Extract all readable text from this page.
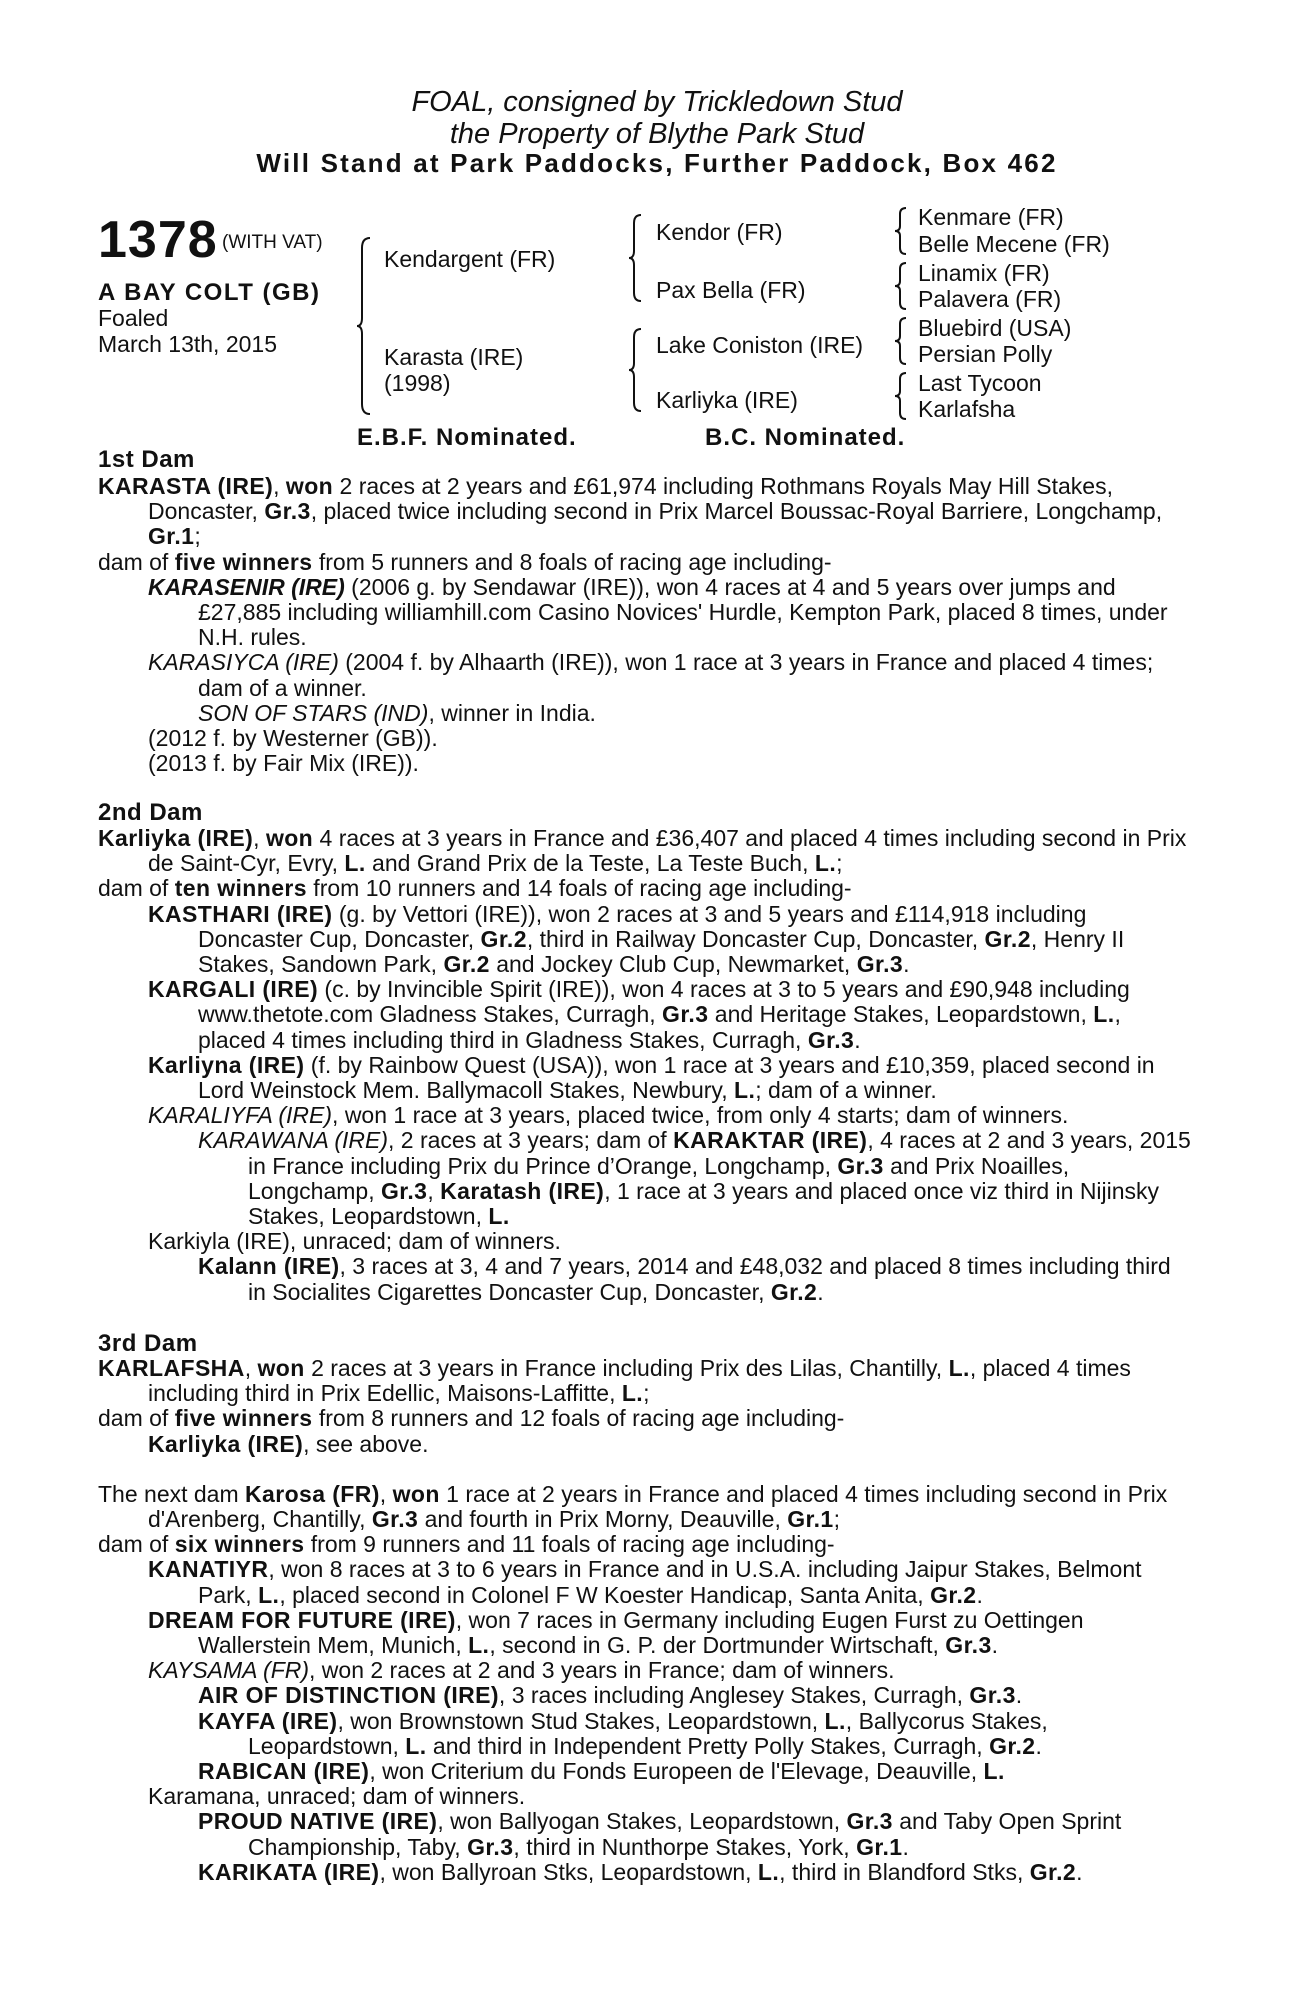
FOAL, consigned by Trickledown Stud
the Property of Blythe Park Stud
Will Stand at Park Paddocks, Further Paddock, Box 462
1378 (WITH VAT)
A BAY COLT (GB)
Foaled
March 13th, 2015
Kendargent (FR)
Karasta (IRE)
(1998)
Kendor (FR)
Pax Bella (FR)
Lake Coniston (IRE)
Karliyka (IRE)
Kenmare (FR)
Belle Mecene (FR)
Linamix (FR)
Palavera (FR)
Bluebird (USA)
Persian Polly
Last Tycoon
Karlafsha
E.B.F. Nominated.	B.C. Nominated.
1st Dam

KARASTA (IRE), won 2 races at 2 years and £61,974 including Rothmans Royals May Hill Stakes, Doncaster, Gr.3, placed twice including second in Prix Marcel Boussac-Royal Barriere, Longchamp, Gr.1;

dam of five winners from 5 runners and 8 foals of racing age including-

KARASENIR (IRE) (2006 g. by Sendawar (IRE)), won 4 races at 4 and 5 years over jumps and £27,885 including williamhill.com Casino Novices' Hurdle, Kempton Park, placed 8 times, under N.H. rules.

KARASIYCA (IRE) (2004 f. by Alhaarth (IRE)), won 1 race at 3 years in France and placed 4 times; dam of a winner.

SON OF STARS (IND), winner in India.

(2012 f. by Westerner (GB)).

(2013 f. by Fair Mix (IRE)).

2nd Dam

Karliyka (IRE), won 4 races at 3 years in France and £36,407 and placed 4 times including second in Prix de Saint-Cyr, Evry, L. and Grand Prix de la Teste, La Teste Buch, L.;

dam of ten winners from 10 runners and 14 foals of racing age including-

KASTHARI (IRE) (g. by Vettori (IRE)), won 2 races at 3 and 5 years and £114,918 including Doncaster Cup, Doncaster, Gr.2, third in Railway Doncaster Cup, Doncaster, Gr.2, Henry II Stakes, Sandown Park, Gr.2 and Jockey Club Cup, Newmarket, Gr.3.

KARGALI (IRE) (c. by Invincible Spirit (IRE)), won 4 races at 3 to 5 years and £90,948 including www.thetote.com Gladness Stakes, Curragh, Gr.3 and Heritage Stakes, Leopardstown, L., placed 4 times including third in Gladness Stakes, Curragh, Gr.3.

Karliyna (IRE) (f. by Rainbow Quest (USA)), won 1 race at 3 years and £10,359, placed second in Lord Weinstock Mem. Ballymacoll Stakes, Newbury, L.; dam of a winner.

KARALIYFA (IRE), won 1 race at 3 years, placed twice, from only 4 starts; dam of winners.

KARAWANA (IRE), 2 races at 3 years; dam of KARAKTAR (IRE), 4 races at 2 and 3 years, 2015 in France including Prix du Prince d’Orange, Longchamp, Gr.3 and Prix Noailles, Longchamp, Gr.3, Karatash (IRE), 1 race at 3 years and placed once viz third in Nijinsky Stakes, Leopardstown, L.

Karkiyla (IRE), unraced; dam of winners.

Kalann (IRE), 3 races at 3, 4 and 7 years, 2014 and £48,032 and placed 8 times including third in Socialites Cigarettes Doncaster Cup, Doncaster, Gr.2.

3rd Dam

KARLAFSHA, won 2 races at 3 years in France including Prix des Lilas, Chantilly, L., placed 4 times including third in Prix Edellic, Maisons-Laffitte, L.;

dam of five winners from 8 runners and 12 foals of racing age including-

Karliyka (IRE), see above.

The next dam Karosa (FR), won 1 race at 2 years in France and placed 4 times including second in Prix d'Arenberg, Chantilly, Gr.3 and fourth in Prix Morny, Deauville, Gr.1;

dam of six winners from 9 runners and 11 foals of racing age including-

KANATIYR, won 8 races at 3 to 6 years in France and in U.S.A. including Jaipur Stakes, Belmont Park, L., placed second in Colonel F W Koester Handicap, Santa Anita, Gr.2.

DREAM FOR FUTURE (IRE), won 7 races in Germany including Eugen Furst zu Oettingen Wallerstein Mem, Munich, L., second in G. P. der Dortmunder Wirtschaft, Gr.3.

KAYSAMA (FR), won 2 races at 2 and 3 years in France; dam of winners.

AIR OF DISTINCTION (IRE), 3 races including Anglesey Stakes, Curragh, Gr.3.

KAYFA (IRE), won Brownstown Stud Stakes, Leopardstown, L., Ballycorus Stakes, Leopardstown, L. and third in Independent Pretty Polly Stakes, Curragh, Gr.2.

RABICAN (IRE), won Criterium du Fonds Europeen de l'Elevage, Deauville, L.

Karamana, unraced; dam of winners.

PROUD NATIVE (IRE), won Ballyogan Stakes, Leopardstown, Gr.3 and Taby Open Sprint Championship, Taby, Gr.3, third in Nunthorpe Stakes, York, Gr.1.

KARIKATA (IRE), won Ballyroan Stks, Leopardstown, L., third in Blandford Stks, Gr.2.
